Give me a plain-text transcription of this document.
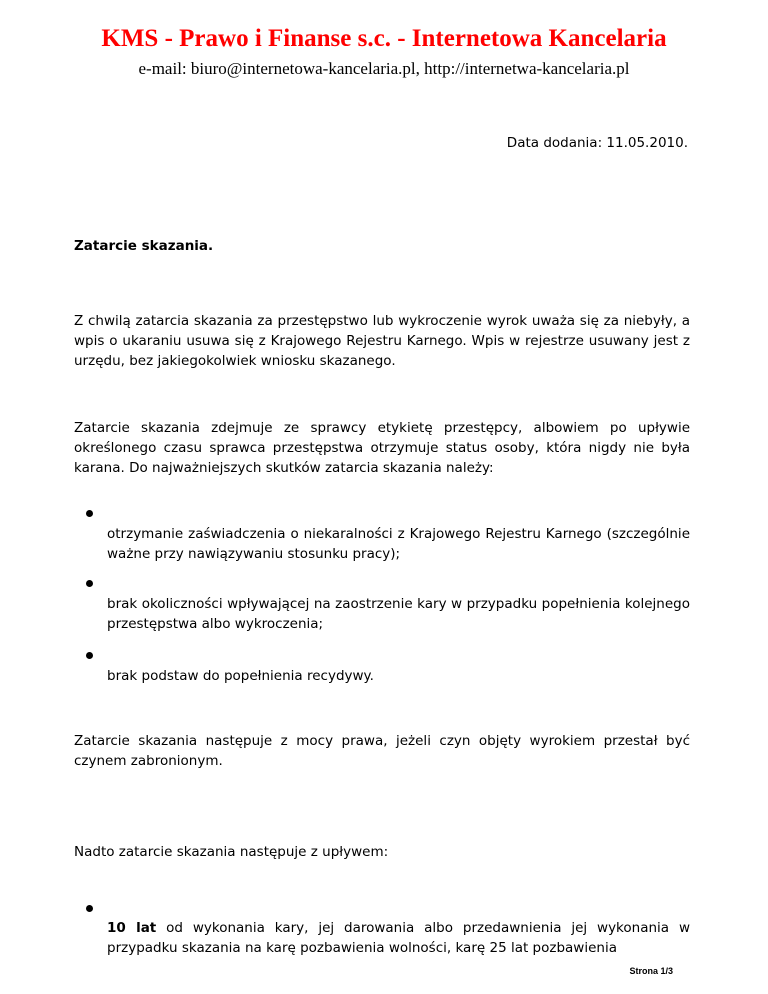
KMS - Prawo i Finanse s.c. - Internetowa Kancelaria
e-mail: biuro@internetowa-kancelaria.pl, http://internetwa-kancelaria.pl
Data dodania: 11.05.2010.
Zatarcie skazania.
Z chwilą zatarcia skazania za przestępstwo lub wykroczenie wyrok uważa się za niebyły, a wpis o ukaraniu usuwa się z Krajowego Rejestru Karnego. Wpis w rejestrze usuwany jest z urzędu, bez jakiegokolwiek wniosku skazanego.
Zatarcie skazania zdejmuje ze sprawcy etykietę przestępcy, albowiem po upływie określonego czasu sprawca przestępstwa otrzymuje status osoby, która nigdy nie była karana. Do najważniejszych skutków zatarcia skazania należy:
otrzymanie zaświadczenia o niekaralności z Krajowego Rejestru Karnego (szczególnie ważne przy nawiązywaniu stosunku pracy);
brak okoliczności wpływającej na zaostrzenie kary w przypadku popełnienia kolejnego przestępstwa albo wykroczenia;
brak podstaw do popełnienia recydywy.
Zatarcie skazania następuje z mocy prawa, jeżeli czyn objęty wyrokiem przestał być czynem zabronionym.
Nadto zatarcie skazania następuje z upływem:
10 lat od wykonania kary, jej darowania albo przedawnienia jej wykonania w przypadku skazania na karę pozbawienia wolności, karę 25 lat pozbawienia
Strona 1/3
